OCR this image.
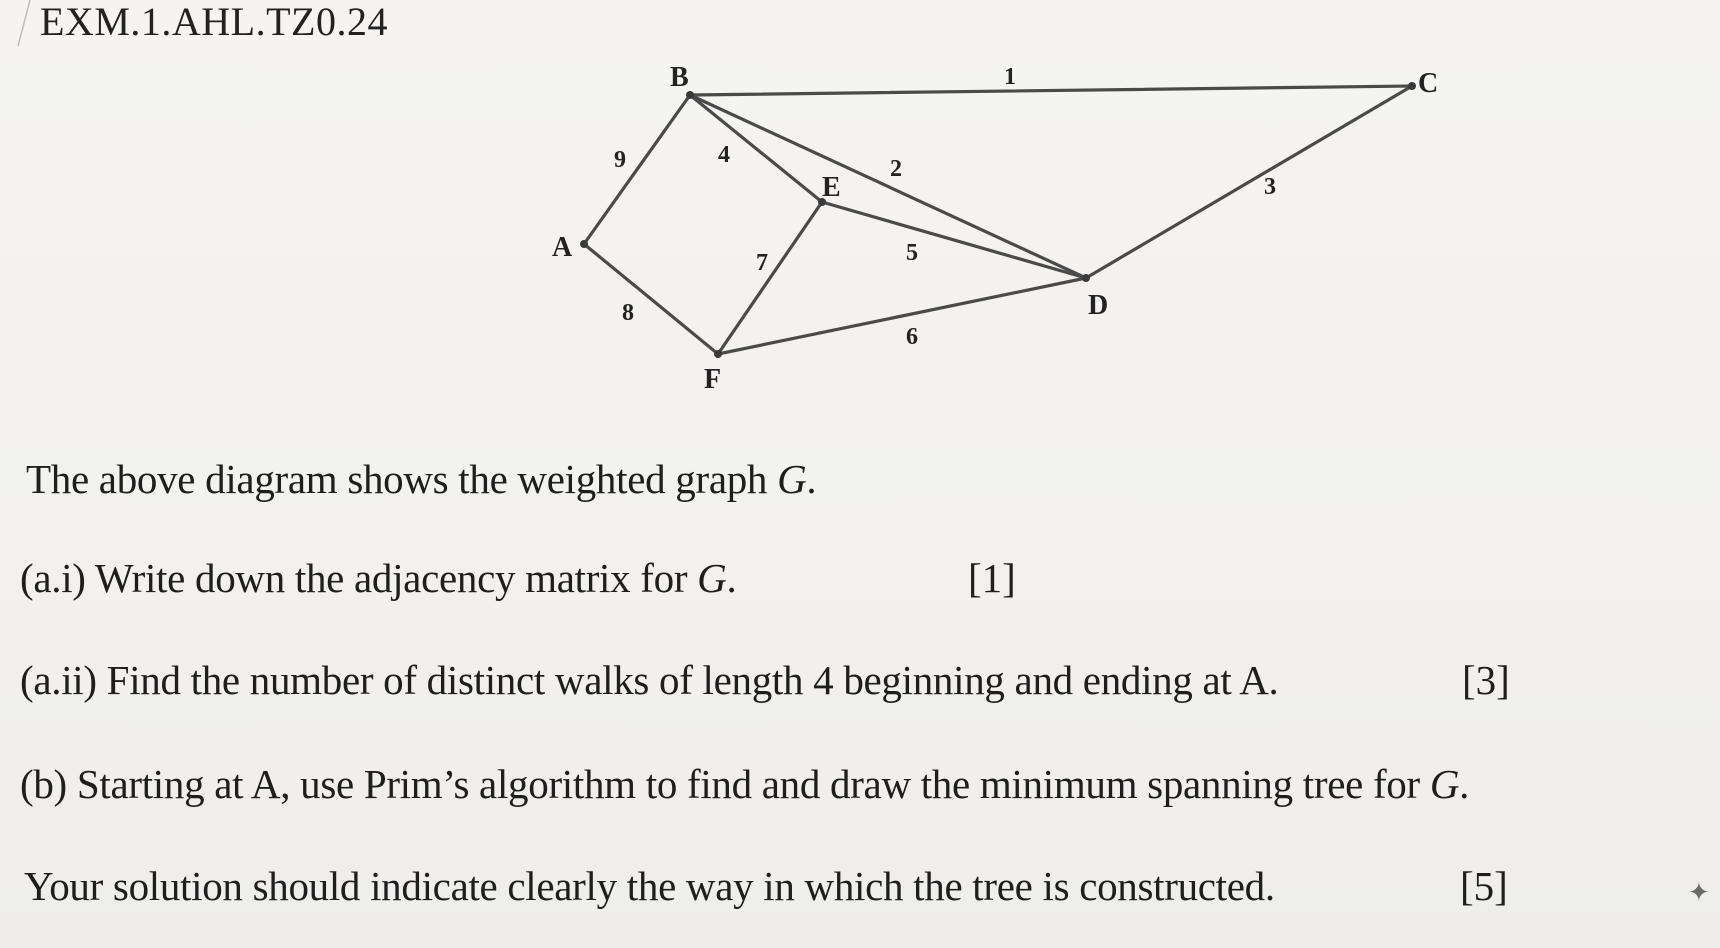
EXM.1.AHL.TZ0.24
A
B	C
D
E
F
1
9	4
2
3
5
7
8
6
The above diagram shows the weighted graph G.
(a.i) Write down the adjacency matrix for G.	[1]
(a.ii) Find the number of distinct walks of length 4 beginning and ending at A.	[3]
(b) Starting at A, use Prim’s algorithm to find and draw the minimum spanning tree for G.
Your solution should indicate clearly the way in which the tree is constructed.	[5]	✦
